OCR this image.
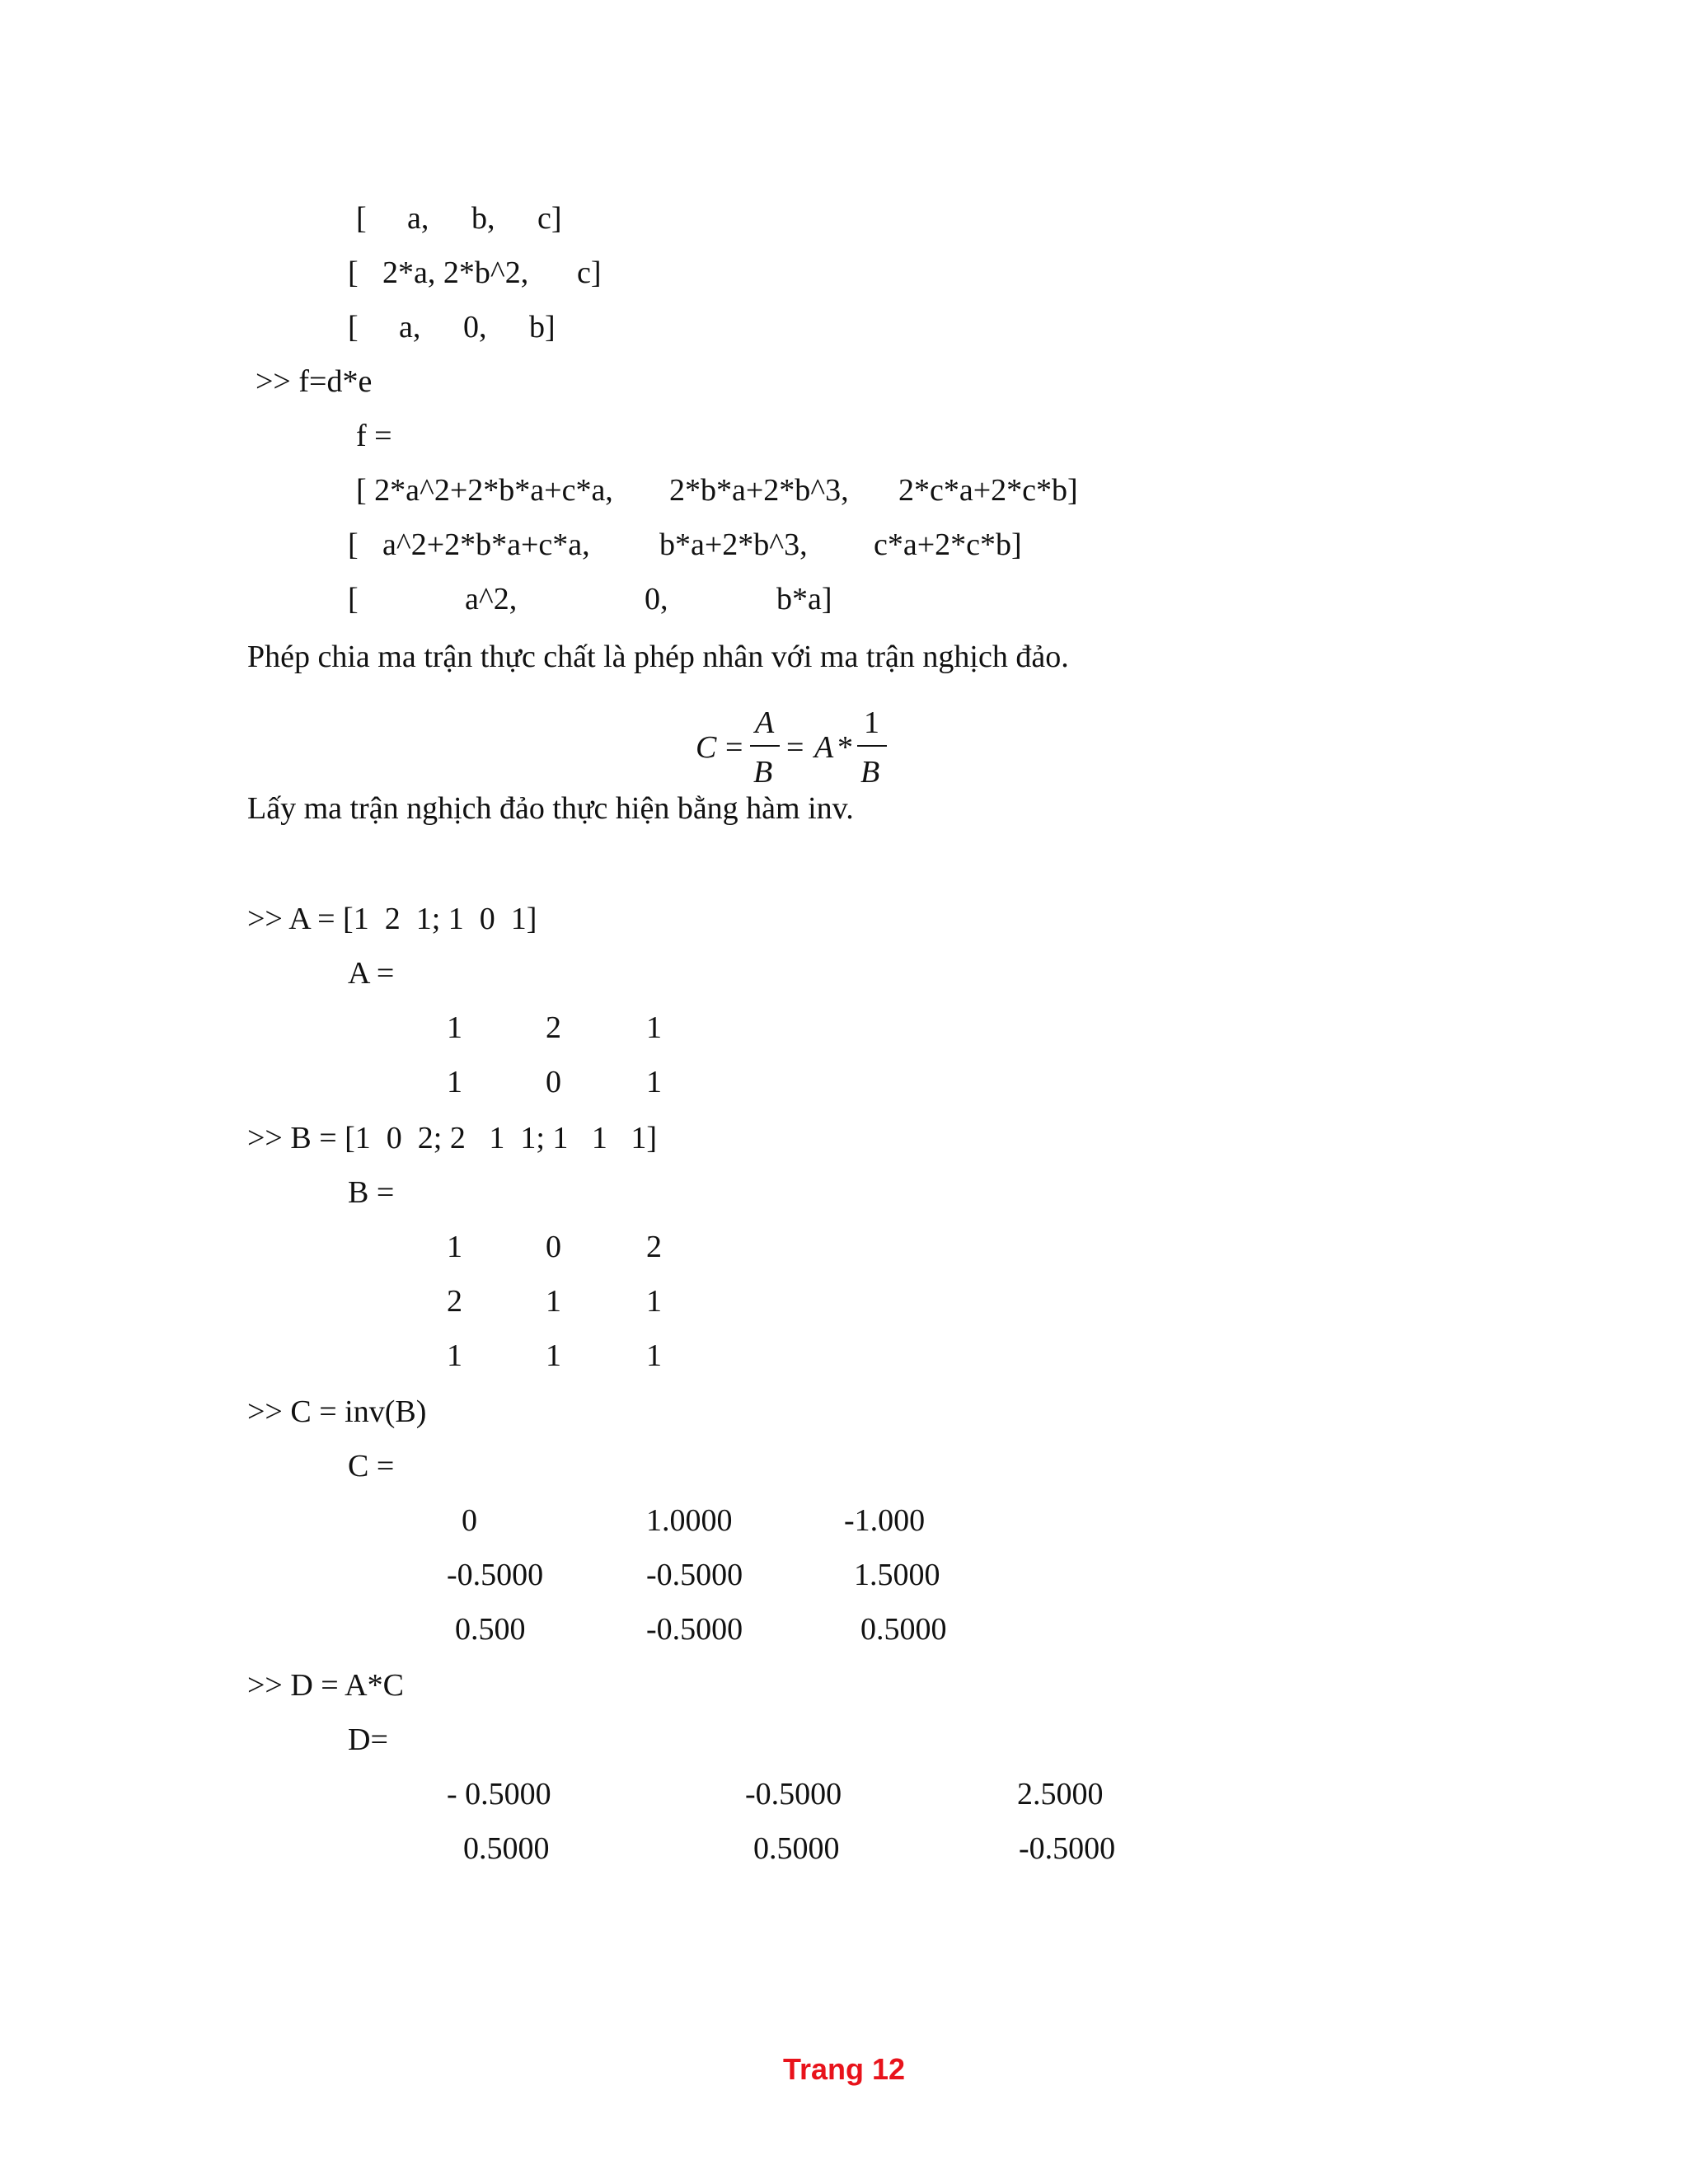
[ a, b, c]
[ 2*a, 2*b^2, c]
[ a, 0, b]
>> f=d*e
f =
[ 2*a^2+2*b*a+c*a, 2*b*a+2*b^3, 2*c*a+2*c*b]
[ a^2+2*b*a+c*a, b*a+2*b^3, c*a+2*c*b]
[	a^2,	0,	b*a]
Phép chia ma trận thực chất là phép nhân với ma trận nghịch đảo.
C =
A
B
= A *
1
B
Lấy ma trận nghịch đảo thực hiện bằng hàm inv.
>> A = [1  2  1; 1  0  1]
A =
1	2	1
1	0	1
>> B = [1  0  2; 2   1  1; 1   1   1]
B =
1	0	2
2	1	1
1	1	1
>> C = inv(B)
C =
0	1.0000	-1.000
-0.5000	-0.5000	1.5000
0.500	-0.5000	0.5000
>> D = A*C
D=
- 0.5000	-0.5000	2.5000
0.5000	0.5000	-0.5000
Trang 12
